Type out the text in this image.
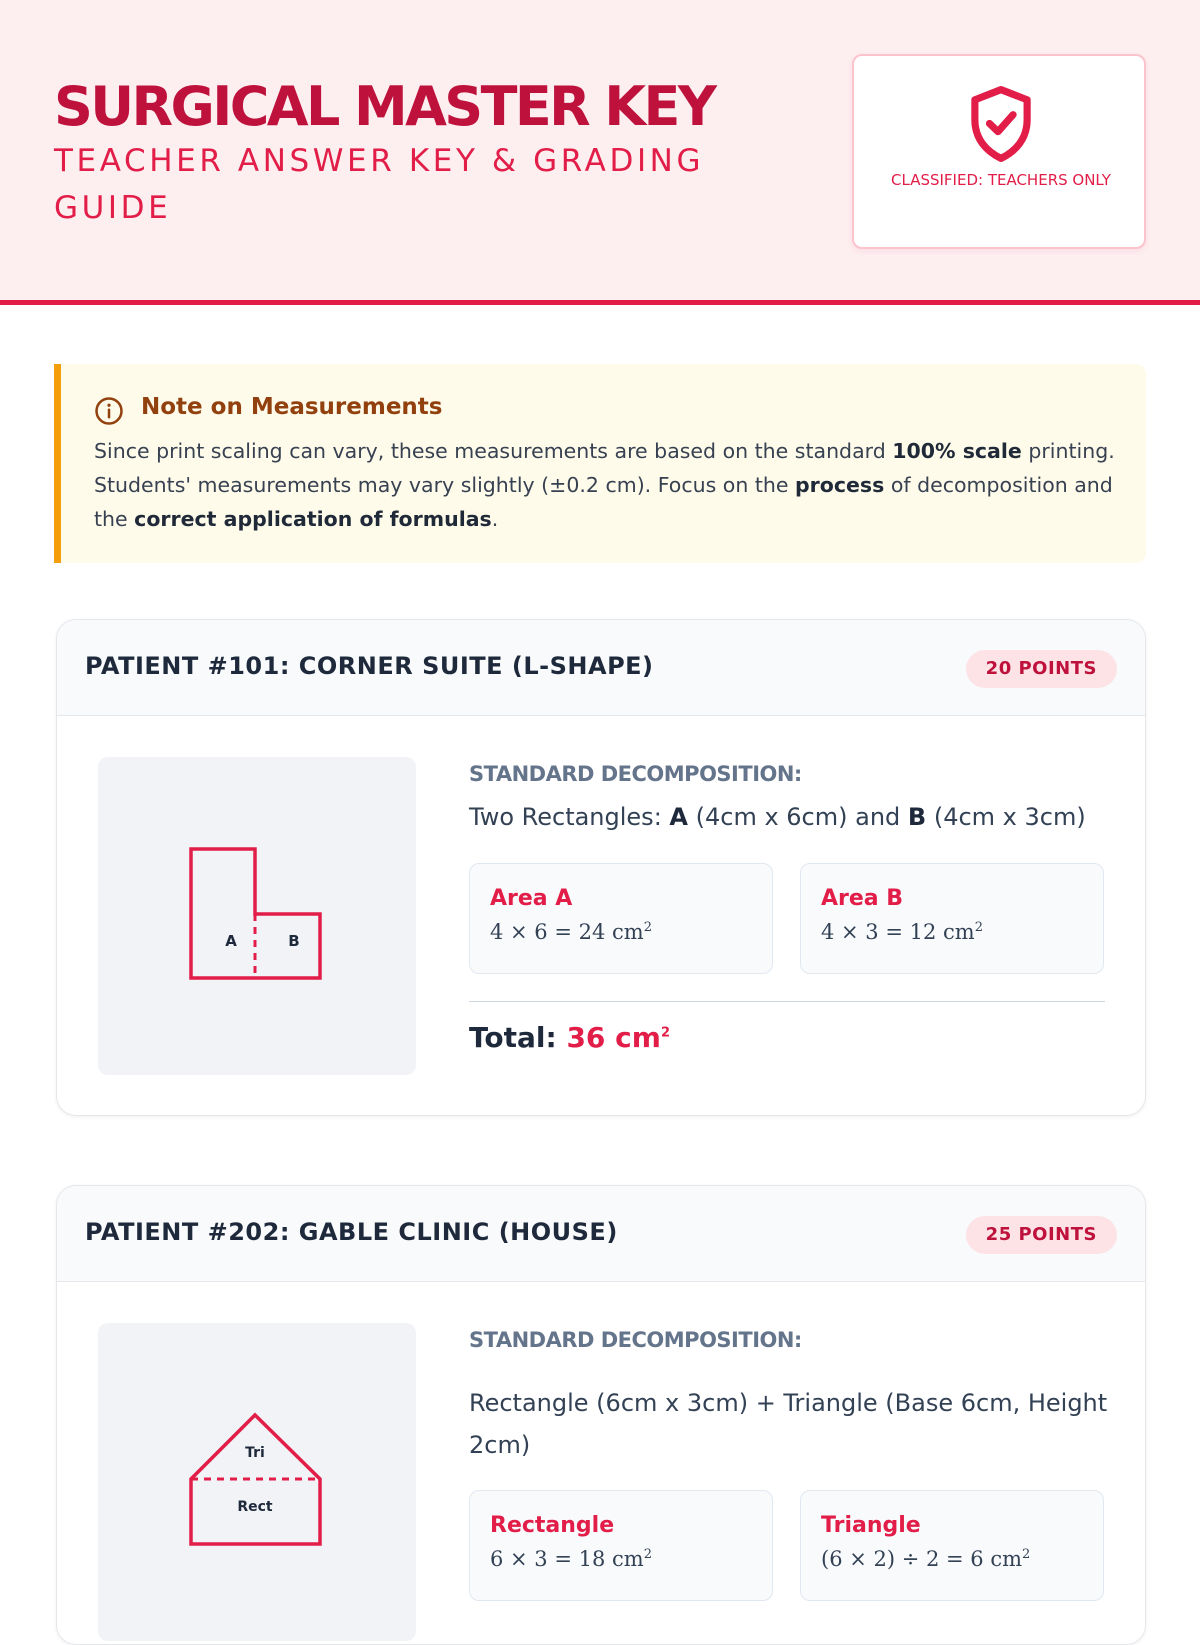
SURGICAL MASTER KEY

TEACHER ANSWER KEY & GRADING GUIDE

CLASSIFIED: TEACHERS ONLY
Note on Measurements

Since print scaling can vary, these measurements are based on the standard 100% scale printing. Students' measurements may vary slightly (±0.2 cm). Focus on the process of decomposition and the correct application of formulas.

PATIENT #101: CORNER SUITE (L-SHAPE)	20 POINTS
A	B
STANDARD DECOMPOSITION:

Two Rectangles: A (4cm x 6cm) and B (4cm x 3cm)

Area A
4 × 6 = 24 $cm^2$
Area B
4 × 3 = 12 $cm^2$
Total: 36 $cm^2$
PATIENT #202: GABLE CLINIC (HOUSE)	25 POINTS
Tri
Rect
STANDARD DECOMPOSITION:

Rectangle (6cm x 3cm) + Triangle (Base 6cm, Height 2cm)

Rectangle
6 × 3 = 18 $cm^2$
Triangle
(6 × 2) ÷ 2 = 6 $cm^2$
